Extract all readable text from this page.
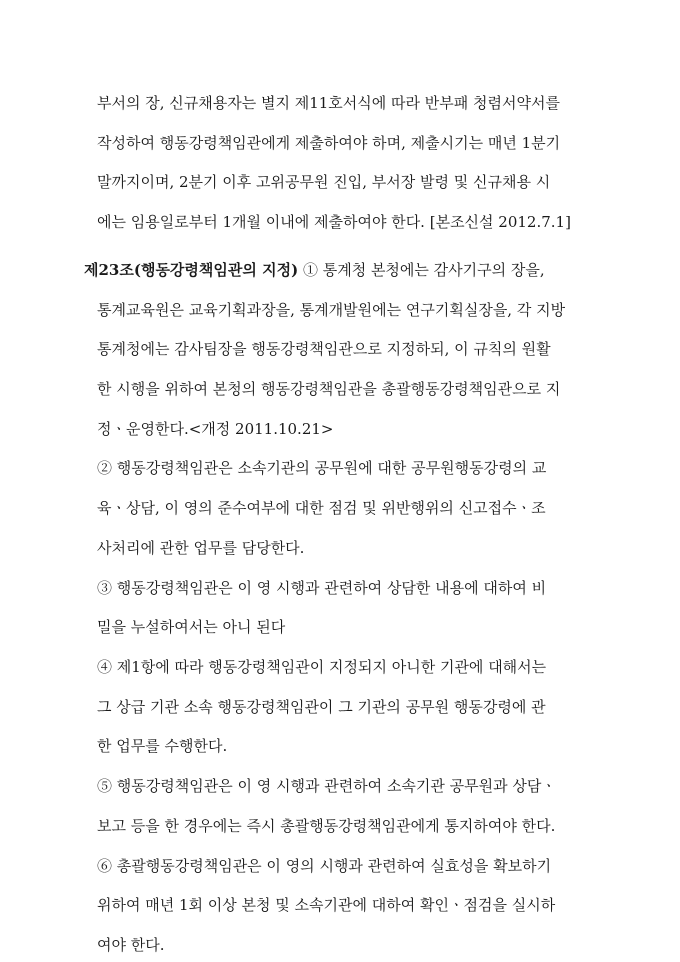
부서의 장, 신규채용자는 별지 제11호서식에 따라 반부패 청렴서약서를
작성하여 행동강령책임관에게 제출하여야 하며, 제출시기는 매년 1분기
말까지이며, 2분기 이후 고위공무원 진입, 부서장 발령 및 신규채용 시
에는 임용일로부터 1개월 이내에 제출하여야 한다. [본조신설 2012.7.1]
제23조(행동강령책임관의 지정) ① 통계청 본청에는 감사기구의 장을,
통계교육원은 교육기획과장을, 통계개발원에는 연구기획실장을, 각 지방
통계청에는 감사팀장을 행동강령책임관으로 지정하되, 이 규칙의 원활
한 시행을 위하여 본청의 행동강령책임관을 총괄행동강령책임관으로 지
정ㆍ운영한다.<개정 2011.10.21>
② 행동강령책임관은 소속기관의 공무원에 대한 공무원행동강령의 교
육ㆍ상담, 이 영의 준수여부에 대한 점검 및 위반행위의 신고접수ㆍ조
사처리에 관한 업무를 담당한다.
③ 행동강령책임관은 이 영 시행과 관련하여 상담한 내용에 대하여 비
밀을 누설하여서는 아니 된다
④ 제1항에 따라 행동강령책임관이 지정되지 아니한 기관에 대해서는
그 상급 기관 소속 행동강령책임관이 그 기관의 공무원 행동강령에 관
한 업무를 수행한다.
⑤ 행동강령책임관은 이 영 시행과 관련하여 소속기관 공무원과 상담ㆍ
보고 등을 한 경우에는 즉시 총괄행동강령책임관에게 통지하여야 한다.
⑥ 총괄행동강령책임관은 이 영의 시행과 관련하여 실효성을 확보하기
위하여 매년 1회 이상 본청 및 소속기관에 대하여 확인ㆍ점검을 실시하
여야 한다.
